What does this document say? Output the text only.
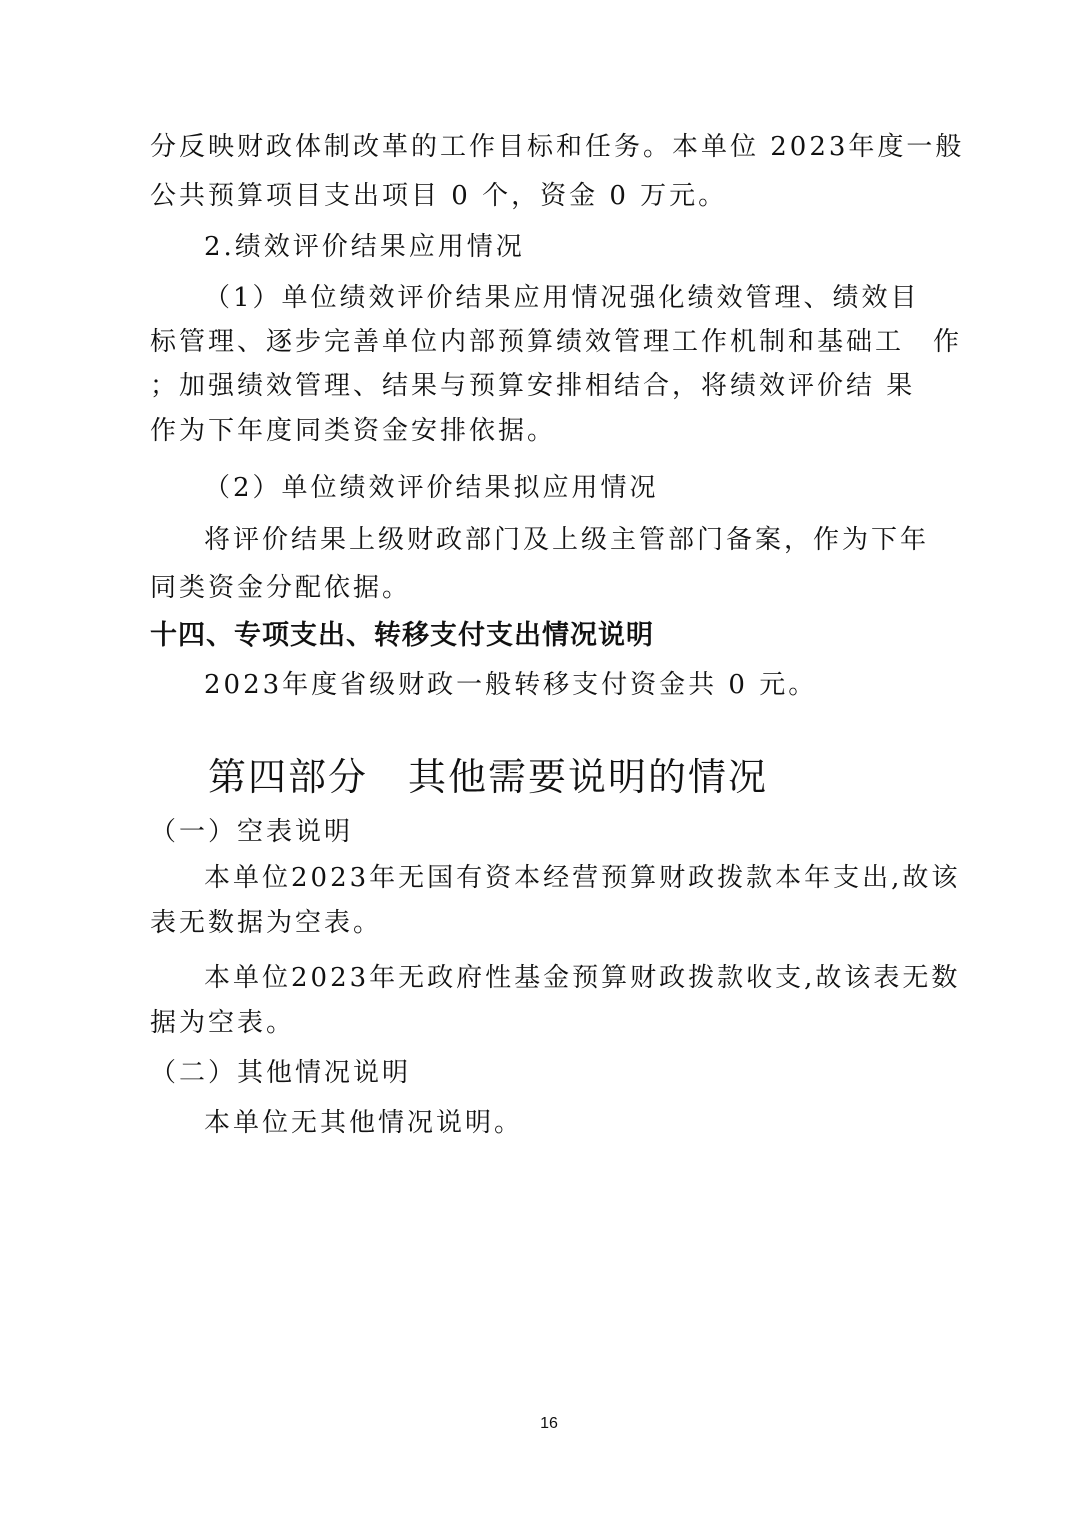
分反映财政体制改革的工作目标和任务。本单位 2023年度一般
公共预算项目支出项目 0 个，资金 0 万元。
2.绩效评价结果应用情况
（1）单位绩效评价结果应用情况强化绩效管理、绩效目
标管理、逐步完善单位内部预算绩效管理工作机制和基础工　作
；加强绩效管理、结果与预算安排相结合，将绩效评价结 果
作为下年度同类资金安排依据。
（2）单位绩效评价结果拟应用情况
将评价结果上级财政部门及上级主管部门备案，作为下年
同类资金分配依据。
十四、专项支出、转移支付支出情况说明
2023年度省级财政一般转移支付资金共 0 元。
第四部分　其他需要说明的情况
（一）空表说明
本单位2023年无国有资本经营预算财政拨款本年支出,故该
表无数据为空表。
本单位2023年无政府性基金预算财政拨款收支,故该表无数
据为空表。
（二）其他情况说明
本单位无其他情况说明。
16
